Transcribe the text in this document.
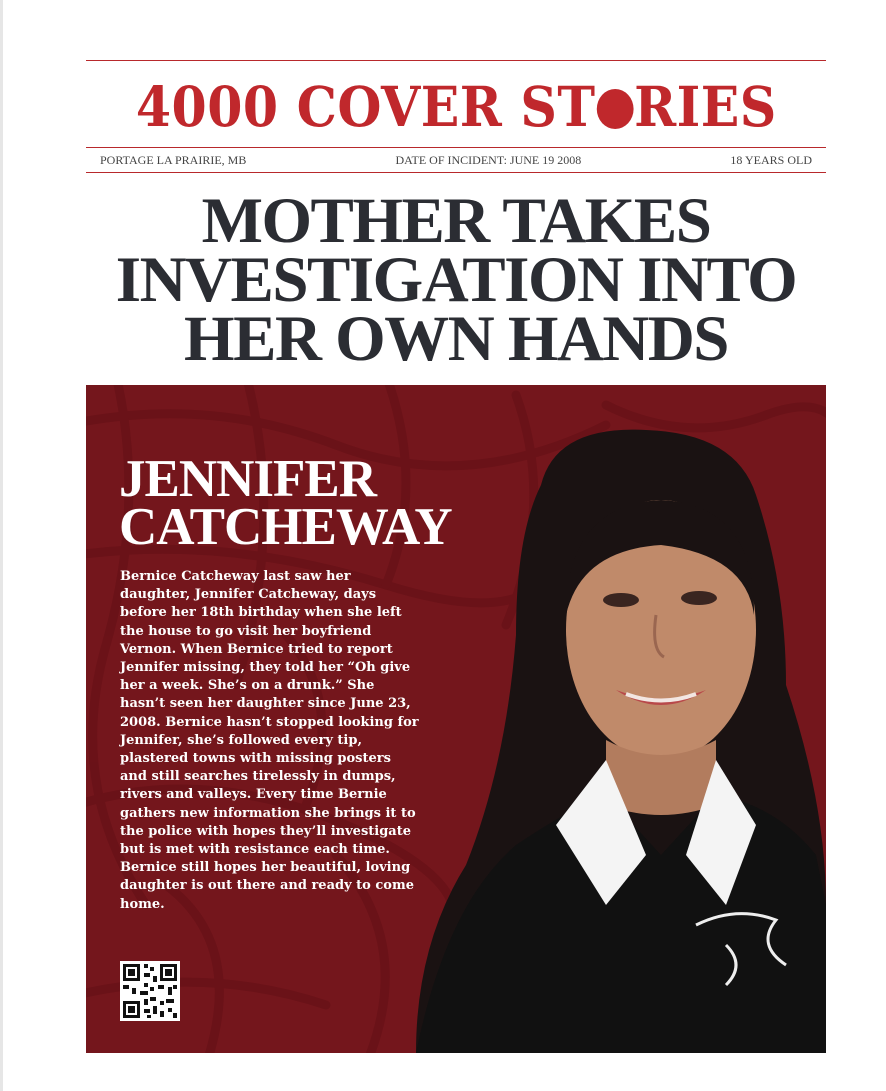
4000 COVER ST RIES
PORTAGE LA PRAIRIE, MB	DATE OF INCIDENT: JUNE 19 2008	18 YEARS OLD
MOTHER TAKES
INVESTIGATION INTO
HER OWN HANDS
JENNIFER
CATCHEWAY
Bernice Catcheway last saw her daughter, Jennifer Catcheway, days before her 18th birthday when she left the house to go visit her boyfriend Vernon. When Bernice tried to report Jennifer missing, they told her “Oh give her a week. She’s on a drunk.” She hasn’t seen her daughter since June 23, 2008. Bernice hasn’t stopped looking for Jennifer, she’s followed every tip, plastered towns with missing posters and still searches tirelessly in dumps, rivers and valleys. Every time Bernie gathers new information she brings it to the police with hopes they’ll investigate but is met with resistance each time. Bernice still hopes her beautiful, loving daughter is out there and ready to come home.
